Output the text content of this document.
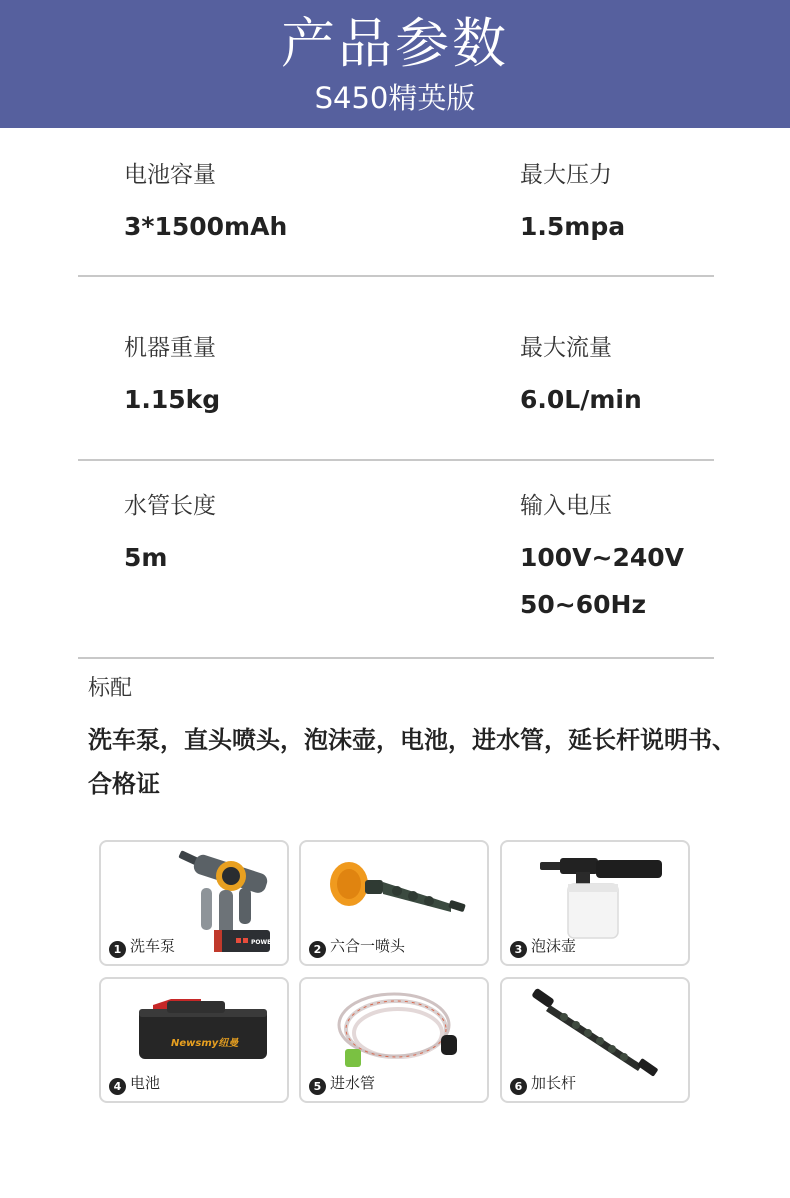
产品参数
S450精英版
电池容量
3*1500mAh
最大压力
1.5mpa
机器重量
1.15kg
最大流量
6.0L/min
水管长度
5m
输入电压
100V~240V
50~60Hz
标配
洗车泵，直头喷头，泡沫壶，电池，进水管，延长杆说明书、合格证
POWER
1 洗车泵	2 六合一喷头	3 泡沫壶
Newsmy纽曼
4 电池	5 进水管	6 加长杆
